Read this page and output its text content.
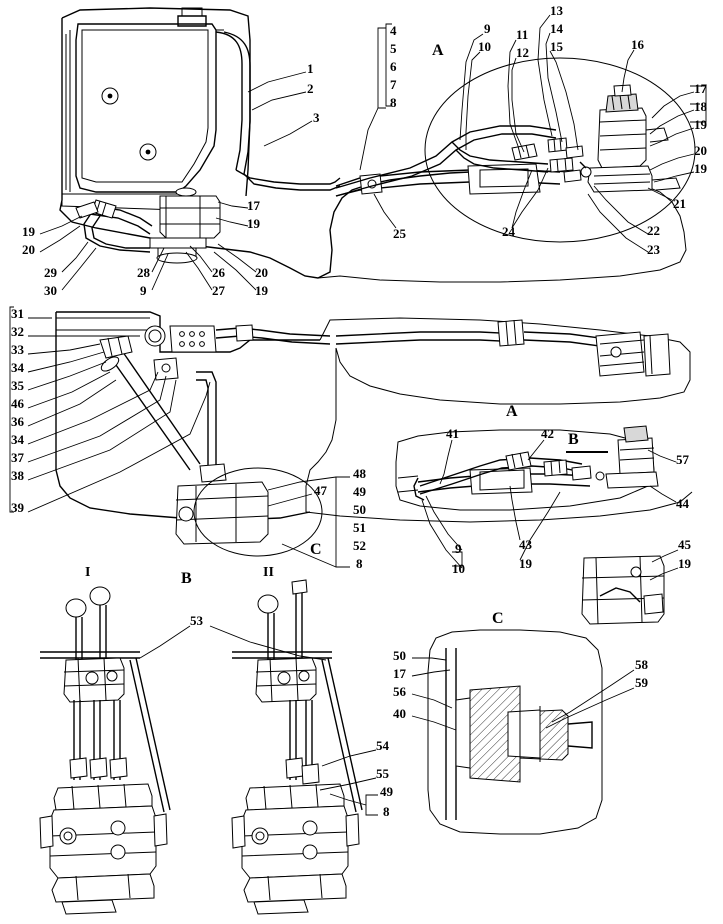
A
A
B
B
C
C
I	II
1
2
3
4
5
6
7
8
9
10
11
12
13
14
15	16
17
18
19
20
19
21
22
23
24
25
17
19
19
20
29
30
28
9
26
27
20
19
31
32
33
34
35
46
36
34
37
38
39
48
47 49
50
51
52
8
41	42
57
44
43
9
10	19
45
19
53
54
55
49
8
50
17
56
40
58
59
